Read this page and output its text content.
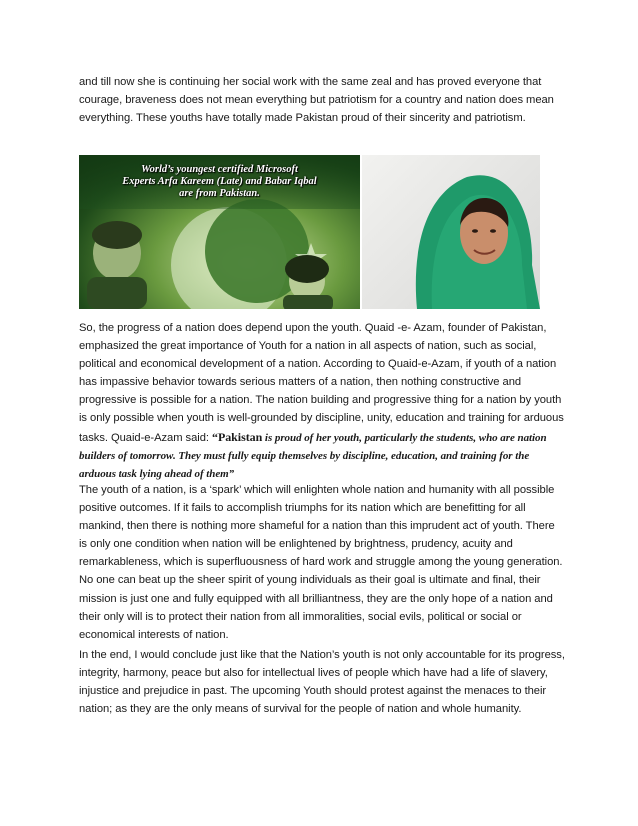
and till now she is continuing her social work with the same zeal and has proved everyone that courage, braveness does not mean everything but patriotism for a country and nation does mean everything. These youths have totally made Pakistan proud of their sincerity and patriotism.

World’s youngest certified Microsoft
Experts Arfa Kareem (Late) and Babar Iqbal
are from Pakistan.

So, the progress of a nation does depend upon the youth. Quaid -e- Azam, founder of Pakistan, emphasized the great importance of Youth for a nation in all aspects of nation, such as social, political and economical development of a nation. According to Quaid-e-Azam, if youth of a nation has impassive behavior towards serious matters of a nation, then nothing constructive and progressive is possible for a nation. The nation building and progressive thing for a nation by youth is only possible when youth is well-grounded by discipline, unity, education and training for arduous tasks. Quaid-e-Azam said: “Pakistan is proud of her youth, particularly the students, who are nation builders of tomorrow. They must fully equip themselves by discipline, education, and training for the arduous task lying ahead of them”

The youth of a nation, is a ‘spark’ which will enlighten whole nation and humanity with all possible positive outcomes. If it fails to accomplish triumphs for its nation which are benefitting for all mankind, then there is nothing more shameful for a nation than this imprudent act of youth. There is only one condition when nation will be enlightened by brightness, prudency, acuity and remarkableness, which is superfluousness of hard work and struggle among the young generation. No one can beat up the sheer spirit of young individuals as their goal is ultimate and final, their mission is just one and fully equipped with all brilliantness, they are the only hope of a nation and their only will is to protect their nation from all immoralities, social evils, political or social or economical interests of nation.

In the end, I would conclude just like that the Nation’s youth is not only accountable for its progress, integrity, harmony, peace but also for intellectual lives of people which have had a life of slavery, injustice and prejudice in past. The upcoming Youth should protest against the menaces to their nation; as they are the only means of survival for the people of nation and whole humanity.
